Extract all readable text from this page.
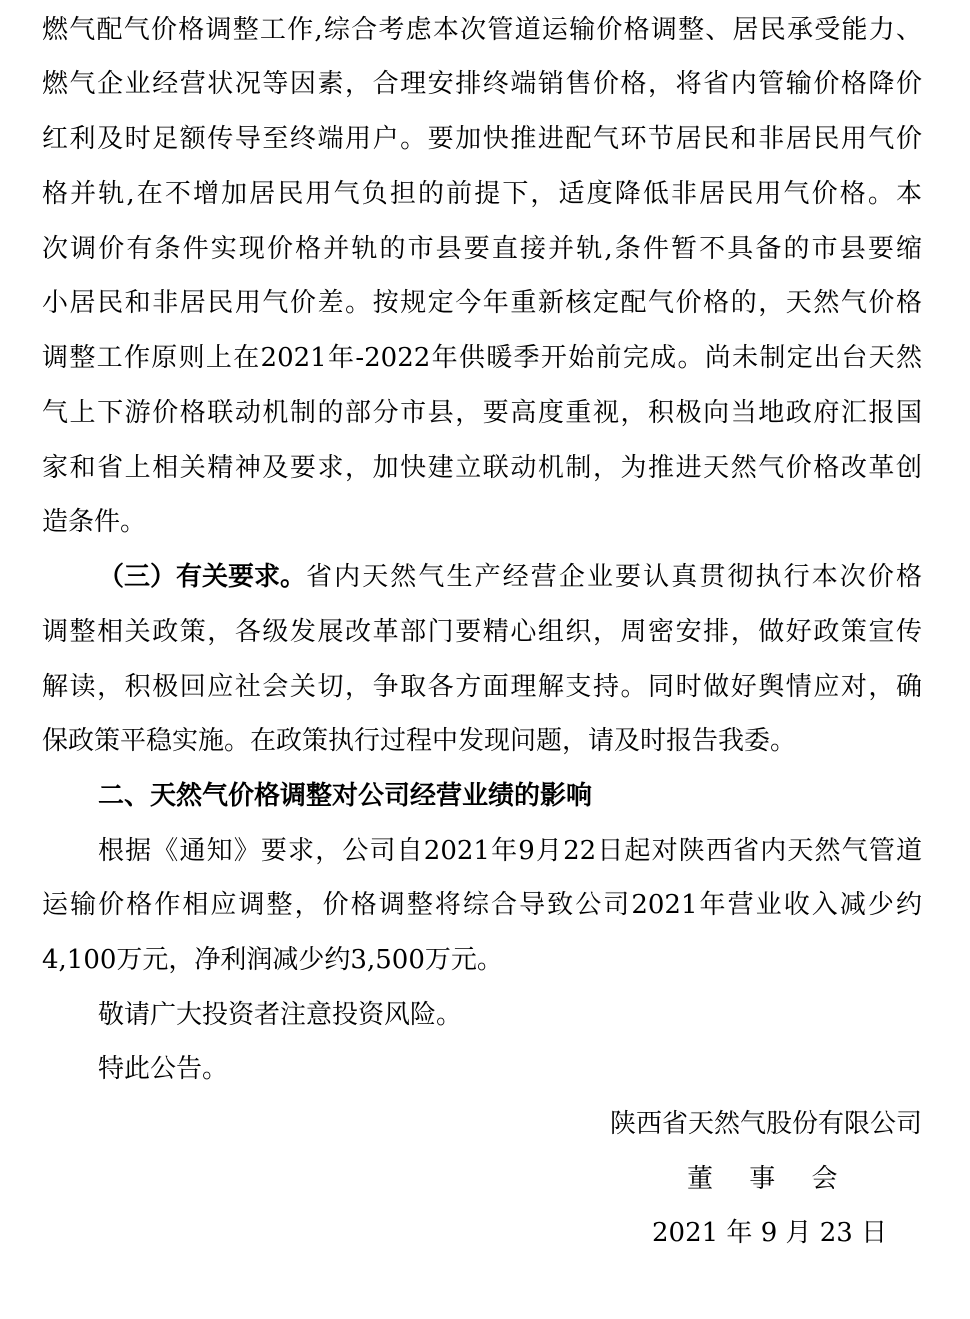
燃气配气价格调整工作,综合考虑本次管道运输价格调整、居民承受能力、
燃气企业经营状况等因素，合理安排终端销售价格，将省内管输价格降价
红利及时足额传导至终端用户。要加快推进配气环节居民和非居民用气价
格并轨,在不增加居民用气负担的前提下，适度降低非居民用气价格。本
次调价有条件实现价格并轨的市县要直接并轨,条件暂不具备的市县要缩
小居民和非居民用气价差。按规定今年重新核定配气价格的，天然气价格
调整工作原则上在2021年-2022年供暖季开始前完成。尚未制定出台天然
气上下游价格联动机制的部分市县，要高度重视，积极向当地政府汇报国
家和省上相关精神及要求，加快建立联动机制，为推进天然气价格改革创
造条件。
（三）有关要求。 省内天然气生产经营企业要认真贯彻执行本次价格
调整相关政策，各级发展改革部门要精心组织，周密安排，做好政策宣传
解读，积极回应社会关切，争取各方面理解支持。同时做好舆情应对，确
保政策平稳实施。在政策执行过程中发现问题，请及时报告我委。
二、天然气价格调整对公司经营业绩的影响
根据《通知》要求，公司自2021年9月22日起对陕西省内天然气管道
运输价格作相应调整，价格调整将综合导致公司2021年营业收入减少约
4,100万元，净利润减少约3,500万元。
敬请广大投资者注意投资风险。
特此公告。
陕西省天然气股份有限公司
董 事 会
2021 年 9 月 23 日
